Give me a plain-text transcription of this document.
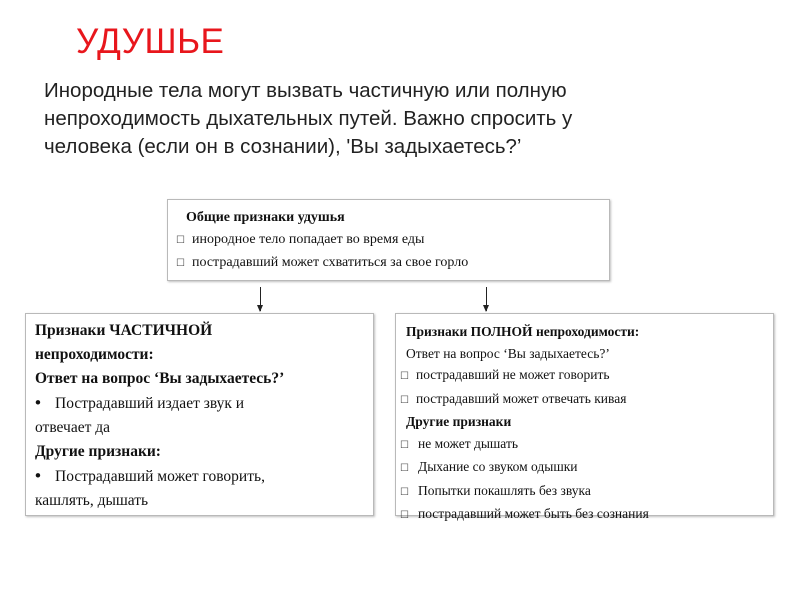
УДУШЬЕ
Инородные тела могут вызвать частичную или полную
непроходимость дыхательных путей. Важно спросить у
человека (если он в сознании), 'Вы задыхаетесь?’
Общие признаки удушья
☐ инородное тело попадает во время еды
☐ пострадавший может схватиться за свое горло
Признаки ЧАСТИЧНОЙ
непроходимости:
Ответ на вопрос ‘Вы задыхаетесь?’
• Пострадавший издает звук и
отвечает да
Другие признаки:
• Пострадавший может говорить,
кашлять, дышать
Признаки ПОЛНОЙ непроходимости:
Ответ на вопрос ‘Вы задыхаетесь?’
☐ пострадавший не может говорить
☐ пострадавший может отвечать кивая
Другие признаки
☐ не может дышать
☐ Дыхание со звуком одышки
☐ Попытки покашлять без звука
☐ пострадавший может быть без сознания
